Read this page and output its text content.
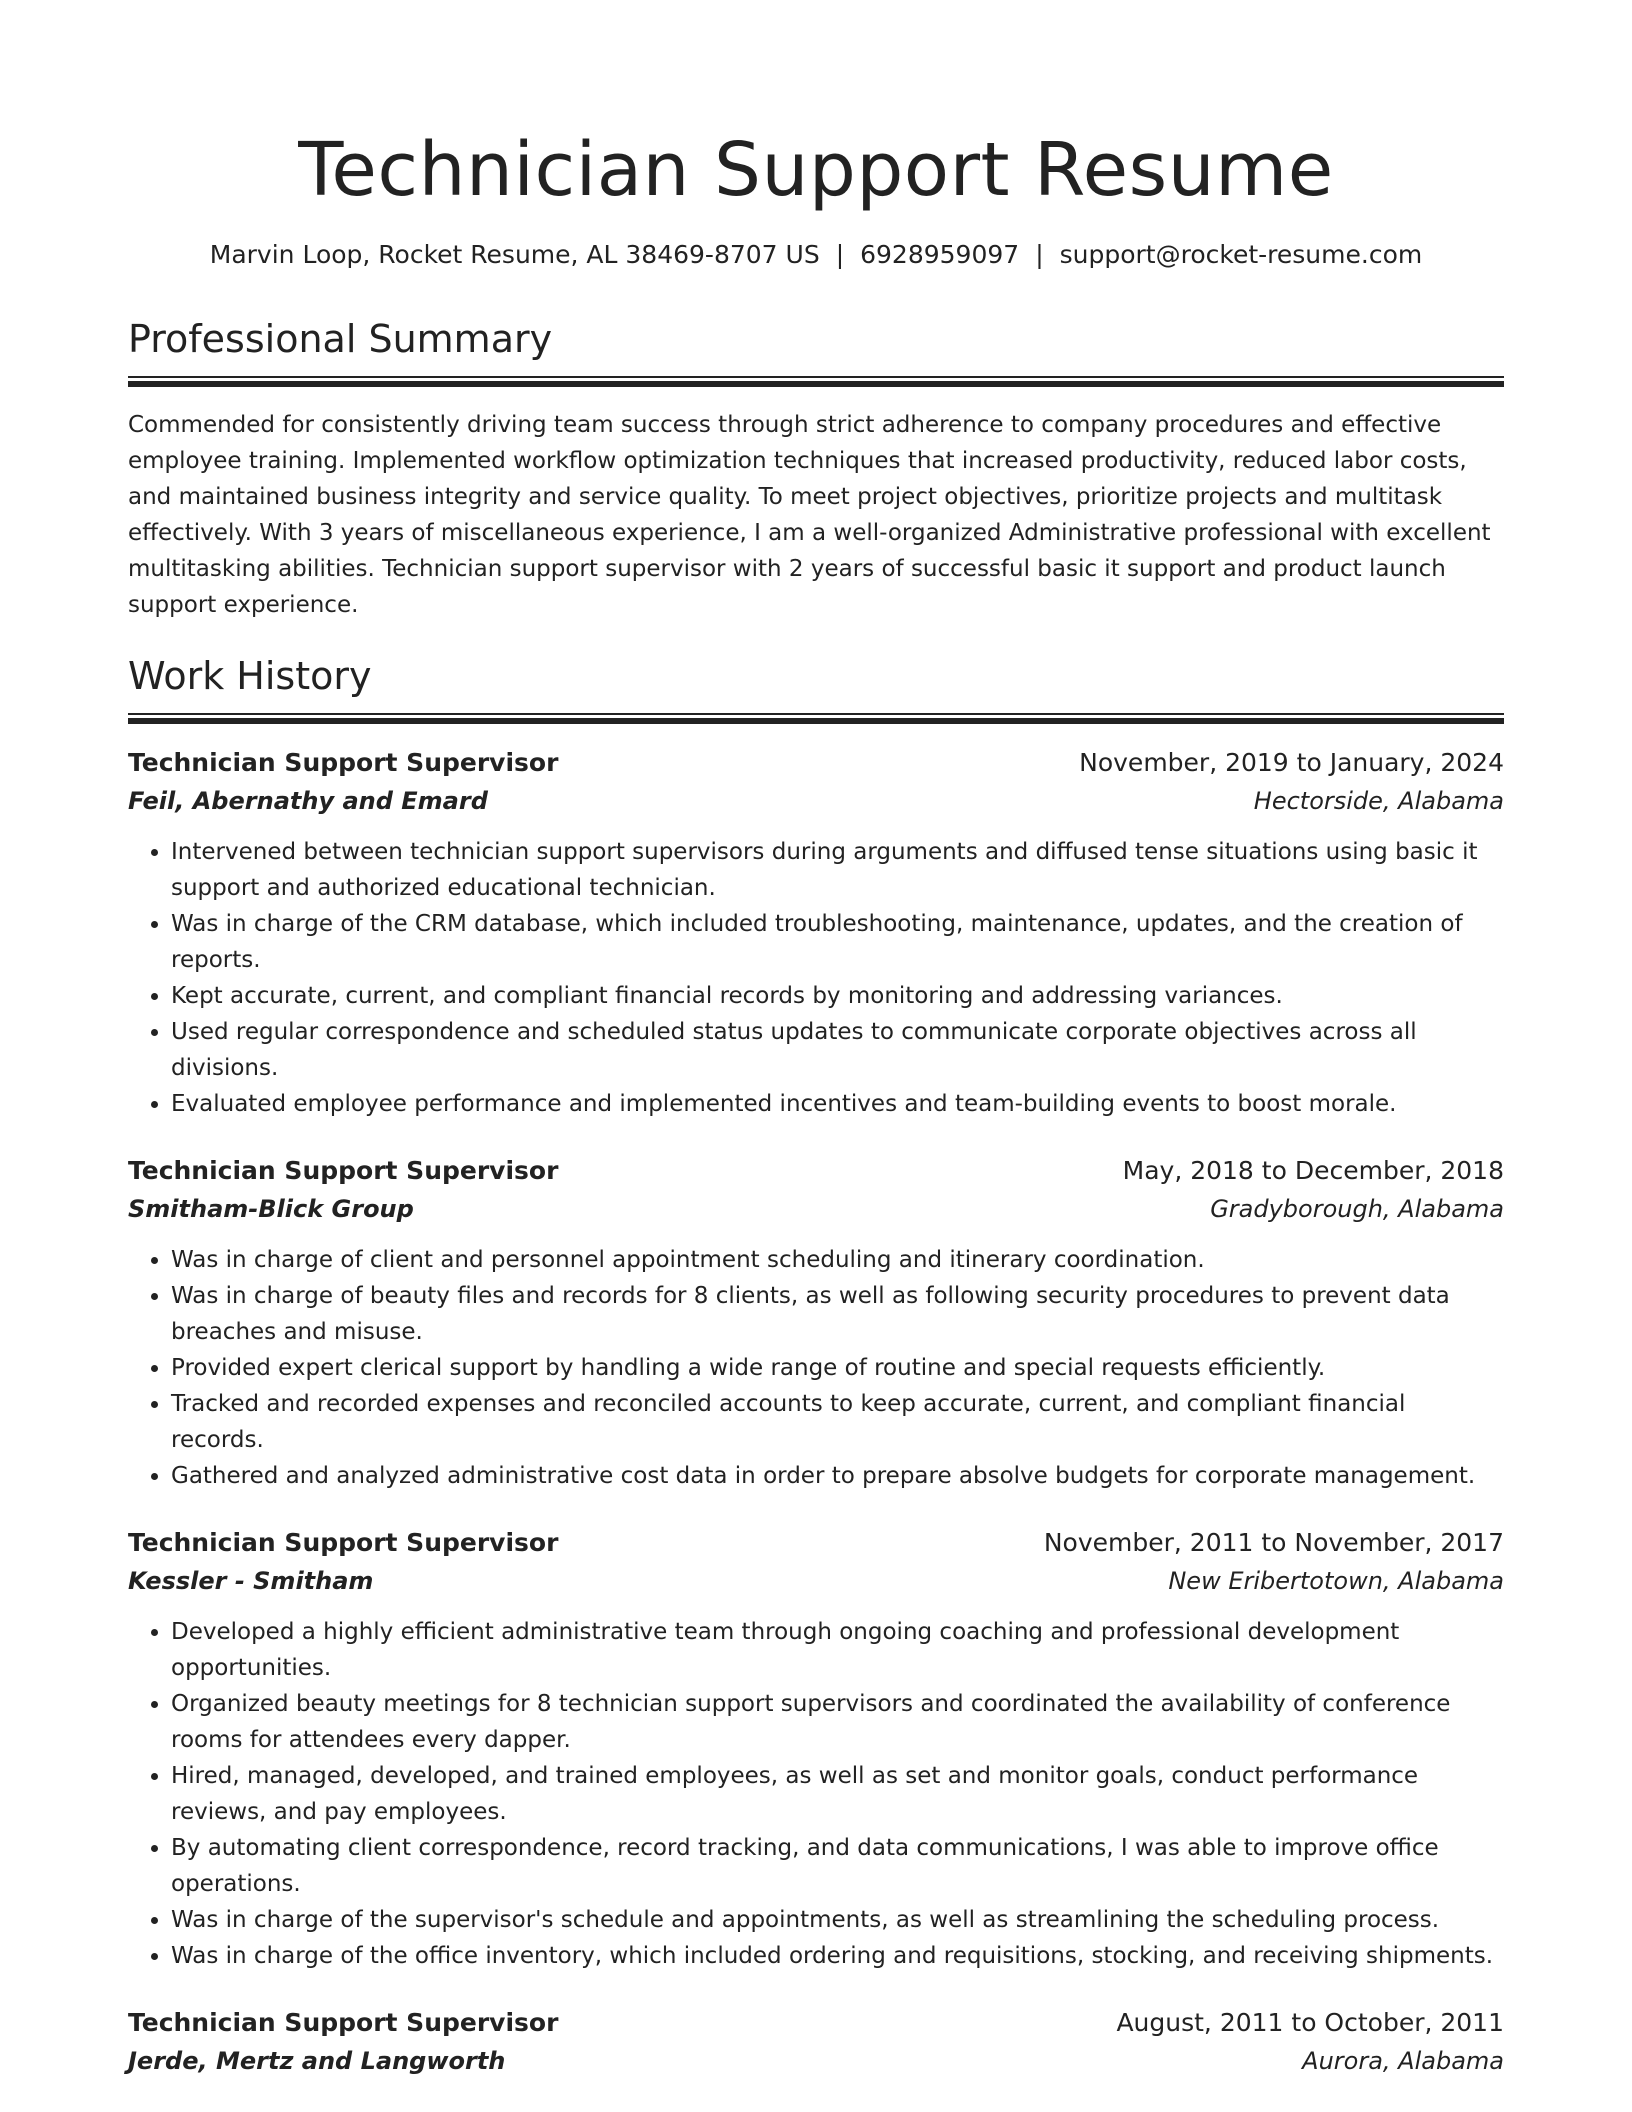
Technician Support Resume
Marvin Loop, Rocket Resume, AL 38469-8707 US | 6928959097 | support@rocket-resume.com
Professional Summary

Commended for consistently driving team success through strict adherence to company procedures and effective employee training. Implemented workflow optimization techniques that increased productivity, reduced labor costs, and maintained business integrity and service quality. To meet project objectives, prioritize projects and multitask effectively. With 3 years of miscellaneous experience, I am a well-organized Administrative professional with excellent multitasking abilities. Technician support supervisor with 2 years of successful basic it support and product launch support experience.

Work History
Technician Support Supervisor	November, 2019 to January, 2024
Feil, Abernathy and Emard	Hectorside, Alabama
• Intervened between technician support supervisors during arguments and diffused tense situations using basic it support and authorized educational technician.
• Was in charge of the CRM database, which included troubleshooting, maintenance, updates, and the creation of reports.
• Kept accurate, current, and compliant financial records by monitoring and addressing variances.
• Used regular correspondence and scheduled status updates to communicate corporate objectives across all divisions.
• Evaluated employee performance and implemented incentives and team-building events to boost morale.
Technician Support Supervisor	May, 2018 to December, 2018
Smitham-Blick Group	Gradyborough, Alabama
• Was in charge of client and personnel appointment scheduling and itinerary coordination.
• Was in charge of beauty files and records for 8 clients, as well as following security procedures to prevent data breaches and misuse.
• Provided expert clerical support by handling a wide range of routine and special requests efficiently.
• Tracked and recorded expenses and reconciled accounts to keep accurate, current, and compliant financial records.
• Gathered and analyzed administrative cost data in order to prepare absolve budgets for corporate management.
Technician Support Supervisor	November, 2011 to November, 2017
Kessler - Smitham	New Eribertotown, Alabama
• Developed a highly efficient administrative team through ongoing coaching and professional development opportunities.
• Organized beauty meetings for 8 technician support supervisors and coordinated the availability of conference rooms for attendees every dapper.
• Hired, managed, developed, and trained employees, as well as set and monitor goals, conduct performance reviews, and pay employees.
• By automating client correspondence, record tracking, and data communications, I was able to improve office operations.
• Was in charge of the supervisor's schedule and appointments, as well as streamlining the scheduling process.
• Was in charge of the office inventory, which included ordering and requisitions, stocking, and receiving shipments.
Technician Support Supervisor	August, 2011 to October, 2011
Jerde, Mertz and Langworth	Aurora, Alabama
